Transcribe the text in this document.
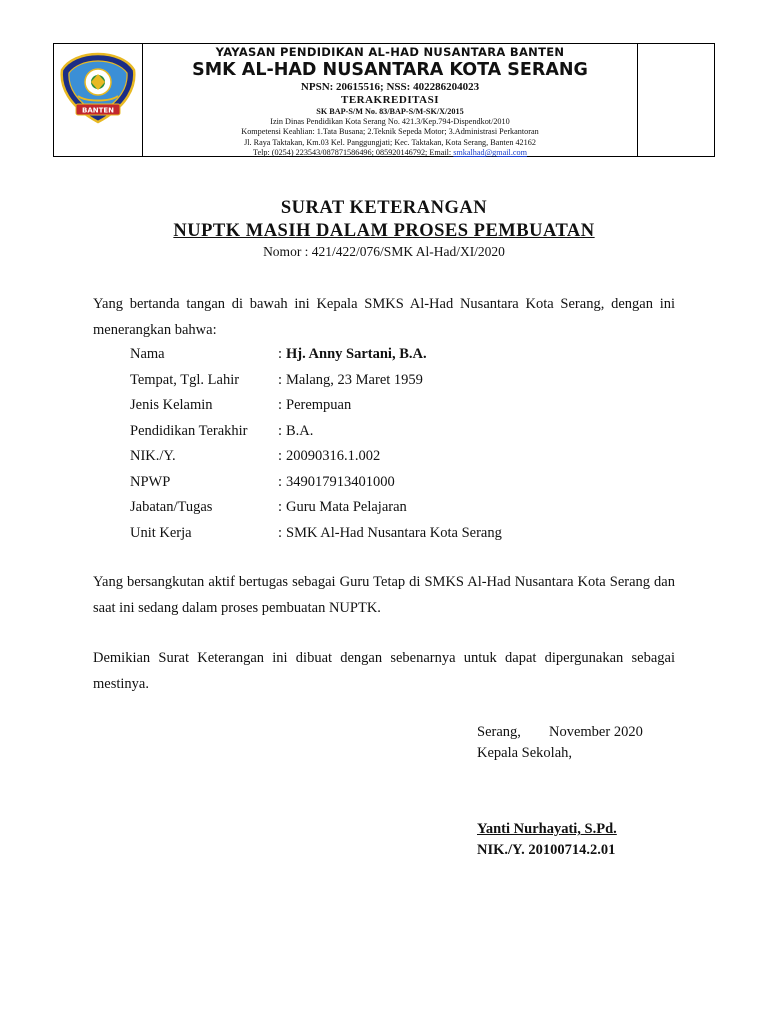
BANTEN
YAYASAN PENDIDIKAN AL-HAD NUSANTARA BANTEN
SMK AL-HAD NUSANTARA KOTA SERANG
NPSN: 20615516; NSS: 402286204023
TERAKREDITASI
SK BAP-S/M No. 83/BAP-S/M-SK/X/2015
Izin Dinas Pendidikan Kota Serang No. 421.3/Kep.794-Dispendkot/2010
Kompetensi Keahlian: 1.Tata Busana; 2.Teknik Sepeda Motor; 3.Administrasi Perkantoran
Jl. Raya Taktakan, Km.03 Kel. Panggungjati; Kec. Taktakan, Kota Serang, Banten 42162
Telp: (0254) 223543/087871586496; 085920146792; Email: smkalhad@gmail.com
SURAT KETERANGAN
NUPTK MASIH DALAM PROSES PEMBUATAN
Nomor : 421/422/076/SMK Al-Had/XI/2020
Yang bertanda tangan di bawah ini Kepala SMKS Al-Had Nusantara Kota Serang, dengan ini menerangkan bahwa:
Nama	: Hj. Anny Sartani, B.A.
Tempat, Tgl. Lahir	: Malang, 23 Maret 1959
Jenis Kelamin	: Perempuan
Pendidikan Terakhir	: B.A.
NIK./Y.	: 20090316.1.002
NPWP	: 349017913401000
Jabatan/Tugas	: Guru Mata Pelajaran
Unit Kerja	: SMK Al-Had Nusantara Kota Serang
Yang bersangkutan aktif bertugas sebagai Guru Tetap di SMKS Al-Had Nusantara Kota Serang dan saat ini sedang dalam proses pembuatan NUPTK.
Demikian Surat Keterangan ini dibuat dengan sebenarnya untuk dapat dipergunakan sebagai mestinya.
Serang, November 2020
Kepala Sekolah,
Yanti Nurhayati, S.Pd.
NIK./Y. 20100714.2.01
